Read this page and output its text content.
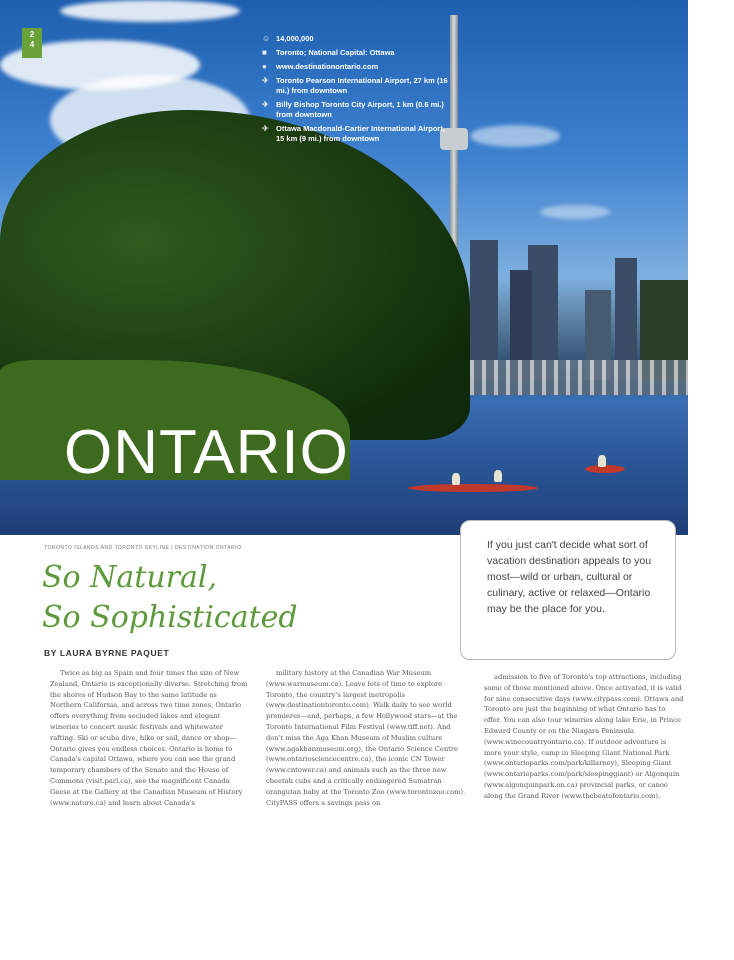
2
4
☺ 14,000,000
■	Toronto; National Capital: Ottawa
●	www.destinationontario.com
✈ Toronto Pearson International Airport, 27 km (16 mi.) from downtown
✈ Billy Bishop Toronto City Airport, 1 km (0.6 mi.) from downtown
✈ Ottawa Macdonald-Cartier International Airport, 15 km (9 mi.) from downtown
ONTARIO
If you just can't decide what sort of vacation destination appeals to you most—wild or urban, cultural or culinary, active or relaxed—Ontario may be the place for you.
TORONTO ISLANDS AND TORONTO SKYLINE | DESTINATION ONTARIO
So Natural,
So Sophisticated
BY LAURA BYRNE PAQUET

Twice as big as Spain and four times the size of New Zealand, Ontario is exceptionally diverse. Stretching from the shores of Hudson Bay to the same latitude as Northern California, and across two time zones, Ontario offers everything from secluded lakes and elegant wineries to concert music festivals and whitewater rafting. Ski or scuba dive, hike or sail, dance or shop—Ontario gives you endless choices. Ontario is home to Canada's capital Ottawa, where you can see the grand temporary chambers of the Senate and the House of Commons (visit.parl.ca), see the magnificent Canada Geese at the Gallery at the Canadian Museum of History (www.nature.ca) and learn about Canada's

military history at the Canadian War Museum (www.warmuseum.ca). Leave lots of time to explore Toronto, the country's largest metropolis (www.destinationtoronto.com). Walk daily to see world premieres—and, perhaps, a few Hollywood stars—at the Toronto International Film Festival (www.tiff.net). And don't miss the Aga Khan Museum of Muslim culture (www.agakhanmuseum.org), the Ontario Science Centre (www.ontariosciencecentre.ca), the iconic CN Tower (www.cntower.ca) and animals such as the three new cheetah cubs and a critically endangered Sumatran orangutan baby at the Toronto Zoo (www.torontozoo.com). CityPASS offers a savings pass on

admission to five of Toronto's top attractions, including some of those mentioned above. Once activated, it is valid for nine consecutive days (www.citypass.com). Ottawa and Toronto are just the beginning of what Ontario has to offer. You can also tour wineries along lake Erie, in Prince Edward County or on the Niagara Peninsula (www.winecountryontario.ca). If outdoor adventure is more your style, camp in Sleeping Giant National Park (www.ontarioparks.com/park/killarney), Sleeping Giant (www.ontarioparks.com/park/sleepinggiant) or Algonquin (www.algonquinpark.on.ca) provincial parks, or canoe along the Grand River (www.thebeatofontario.com).
